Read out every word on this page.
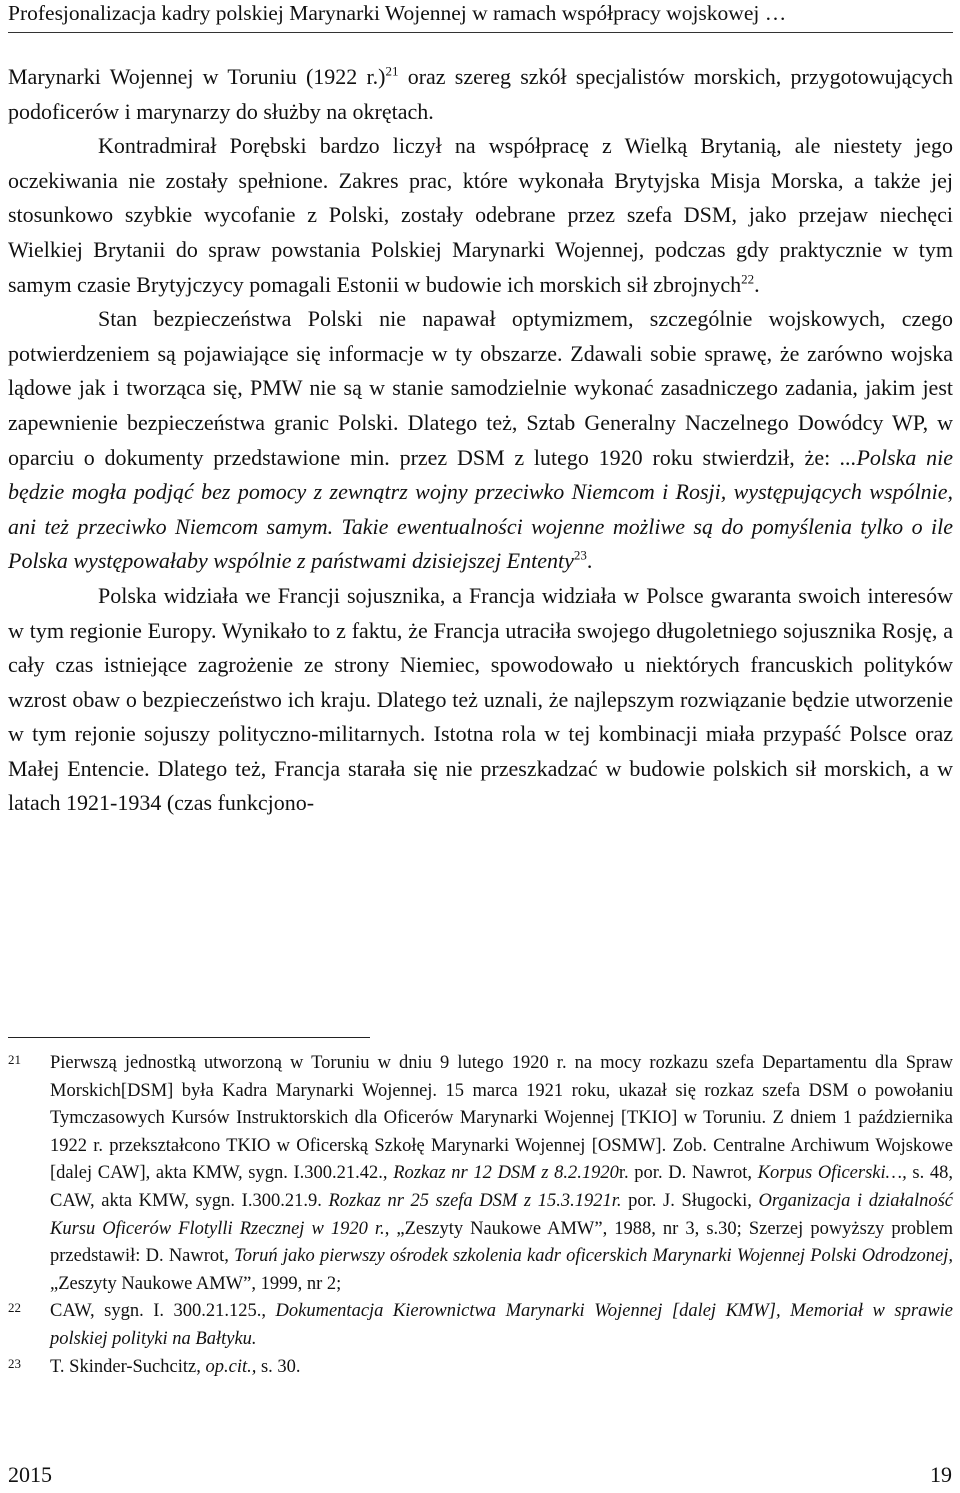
Profesjonalizacja kadry polskiej Marynarki Wojennej w ramach współpracy wojskowej …

Marynarki Wojennej w Toruniu (1922 r.)$^{21}$ oraz szereg szkół specjalistów morskich, przygotowujących podoficerów i marynarzy do służby na okrętach.

Kontradmirał Porębski bardzo liczył na współpracę z Wielką Brytanią, ale niestety jego oczekiwania nie zostały spełnione. Zakres prac, które wykonała Brytyjska Misja Morska, a także jej stosunkowo szybkie wycofanie z Polski, zostały odebrane przez szefa DSM, jako przejaw niechęci Wielkiej Brytanii do spraw powstania Polskiej Marynarki Wojennej, podczas gdy praktycznie w tym samym czasie Brytyjczycy pomagali Estonii w budowie ich morskich sił zbrojnych$^{22}$.

Stan bezpieczeństwa Polski nie napawał optymizmem, szczególnie wojskowych, czego potwierdzeniem są pojawiające się informacje w ty obszarze. Zdawali sobie sprawę, że zarówno wojska lądowe jak i tworząca się, PMW nie są w stanie samodzielnie wykonać zasadniczego zadania, jakim jest zapewnienie bezpieczeństwa granic Polski. Dlatego też, Sztab Generalny Naczelnego Dowódcy WP, w oparciu o dokumenty przedstawione min. przez DSM z lutego 1920 roku stwierdził, że: ...Polska nie będzie mogła podjąć bez pomocy z zewnątrz wojny przeciwko Niemcom i Rosji, występujących wspólnie, ani też przeciwko Niemcom samym. Takie ewentualności wojenne możliwe są do pomyślenia tylko o ile Polska występowałaby wspólnie z państwami dzisiejszej Ententy$^{23}$.

Polska widziała we Francji sojusznika, a Francja widziała w Polsce gwaranta swoich interesów w tym regionie Europy. Wynikało to z faktu, że Francja utraciła swojego długoletniego sojusznika Rosję, a cały czas istniejące zagrożenie ze strony Niemiec, spowodowało u niektórych francuskich polityków wzrost obaw o bezpieczeństwo ich kraju. Dlatego też uznali, że najlepszym rozwiązanie będzie utworzenie w tym rejonie sojuszy polityczno-militarnych. Istotna rola w tej kombinacji miała przypaść Polsce oraz Małej Entencie. Dlatego też, Francja starała się nie przeszkadzać w budowie polskich sił morskich, a w latach 1921-1934 (czas funkcjono-

21 Pierwszą jednostką utworzoną w Toruniu w dniu 9 lutego 1920 r. na mocy rozkazu szefa Departamentu dla Spraw Morskich[DSM] była Kadra Marynarki Wojennej. 15 marca 1921 roku, ukazał się rozkaz szefa DSM o powołaniu Tymczasowych Kursów Instruktorskich dla Oficerów Marynarki Wojennej [TKIO] w Toruniu. Z dniem 1 października 1922 r. przekształcono TKIO w Oficerską Szkołę Marynarki Wojennej [OSMW]. Zob. Centralne Archiwum Wojskowe [dalej CAW], akta KMW, sygn. I.300.21.42., Rozkaz nr 12 DSM z 8.2.1920r. por. D. Nawrot, Korpus Oficerski…, s. 48, CAW, akta KMW, sygn. I.300.21.9. Rozkaz nr 25 szefa DSM z 15.3.1921r. por. J. Sługocki, Organizacja i działalność Kursu Oficerów Flotylli Rzecznej w 1920 r., „Zeszyty Naukowe AMW”, 1988, nr 3, s.30; Szerzej powyższy problem przedstawił: D. Nawrot, Toruń jako pierwszy ośrodek szkolenia kadr oficerskich Marynarki Wojennej Polski Odrodzonej, „Zeszyty Naukowe AMW”, 1999, nr 2;
22 CAW, sygn. I. 300.21.125., Dokumentacja Kierownictwa Marynarki Wojennej [dalej KMW], Memoriał w sprawie polskiej polityki na Bałtyku.
23 T. Skinder-Suchcitz, op.cit., s. 30.
2015	19
